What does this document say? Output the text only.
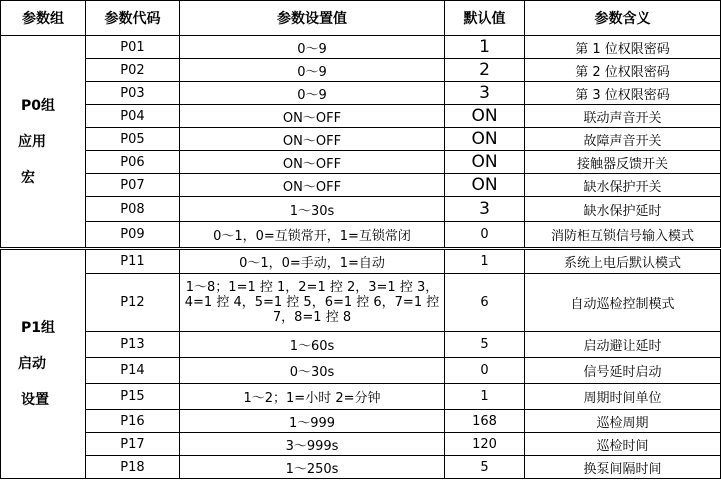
参数组	参数代码	参数设置值	默认值	参数含义

P0组
应用
宏	P01	0～9	1	第 1 位权限密码
	P02	0～9	2	第 2 位权限密码
	P03	0～9	3	第 3 位权限密码
	P04	ON～OFF	ON	联动声音开关
	P05	ON～OFF	ON	故障声音开关
	P06	ON～OFF	ON	接触器反馈开关
	P07	ON～OFF	ON	缺水保护开关
	P08	1～30s	3	缺水保护延时
	P09	0～1，0=互锁常开，1=互锁常闭	0	消防柜互锁信号输入模式

P1组
启动
设置	P11	0～1，0=手动，1=自动	1	系统上电后默认模式
	P12	1～8；1=1 控 1，2=1 控 2，3=1 控 3，4=1 控 4，5=1 控 5，6=1 控 6，7=1 控 7，8=1 控 8	6	自动巡检控制模式
	P13	1～60s	5	启动避让延时
	P14	0～30s	0	信号延时启动
	P15	1～2；1=小时 2=分钟	1	周期时间单位
	P16	1～999	168	巡检周期
	P17	3～999s	120	巡检时间
	P18	1～250s	5	换泵间隔时间
